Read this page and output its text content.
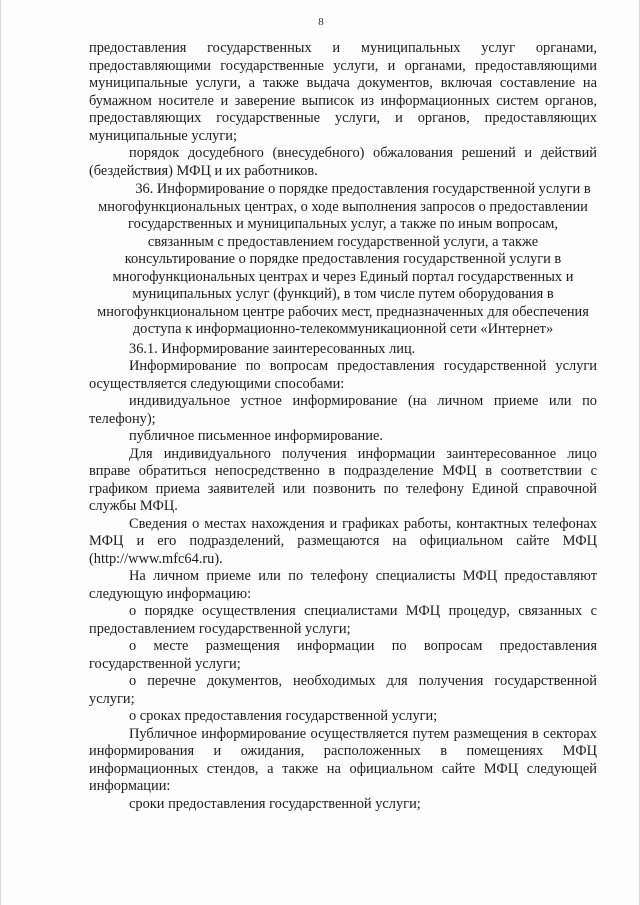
8

предоставления государственных и муниципальных услуг органами, предоставляющими государственные услуги, и органами, предоставляющими муниципальные услуги, а также выдача документов, включая составление на бумажном носителе и заверение выписок из информационных систем органов, предоставляющих государственные услуги, и органов, предоставляющих муниципальные услуги;

порядок досудебного (внесудебного) обжалования решений и действий (бездействия) МФЦ и их работников.

36. Информирование о порядке предоставления государственной услуги в многофункциональных центрах, о ходе выполнения запросов о предоставлении государственных и муниципальных услуг, а также по иным вопросам, связанным с предоставлением государственной услуги, а также консультирование о порядке предоставления государственной услуги в многофункциональных центрах и через Единый портал государственных и муниципальных услуг (функций), в том числе путем оборудования в многофункциональном центре рабочих мест, предназначенных для обеспечения доступа к информационно-телекоммуникационной сети «Интернет»

36.1. Информирование заинтересованных лиц.

Информирование по вопросам предоставления государственной услуги осуществляется следующими способами:

индивидуальное устное информирование (на личном приеме или по телефону);

публичное письменное информирование.

Для индивидуального получения информации заинтересованное лицо вправе обратиться непосредственно в подразделение МФЦ в соответствии с графиком приема заявителей или позвонить по телефону Единой справочной службы МФЦ.

Сведения о местах нахождения и графиках работы, контактных телефонах МФЦ и его подразделений, размещаются на официальном сайте МФЦ (http://www.mfc64.ru).

На личном приеме или по телефону специалисты МФЦ предоставляют следующую информацию:

о порядке осуществления специалистами МФЦ процедур, связанных с предоставлением государственной услуги;

о месте размещения информации по вопросам предоставления государственной услуги;

о перечне документов, необходимых для получения государственной услуги;

о сроках предоставления государственной услуги;

Публичное информирование осуществляется путем размещения в секторах информирования и ожидания, расположенных в помещениях МФЦ информационных стендов, а также на официальном сайте МФЦ следующей информации:

сроки предоставления государственной услуги;
